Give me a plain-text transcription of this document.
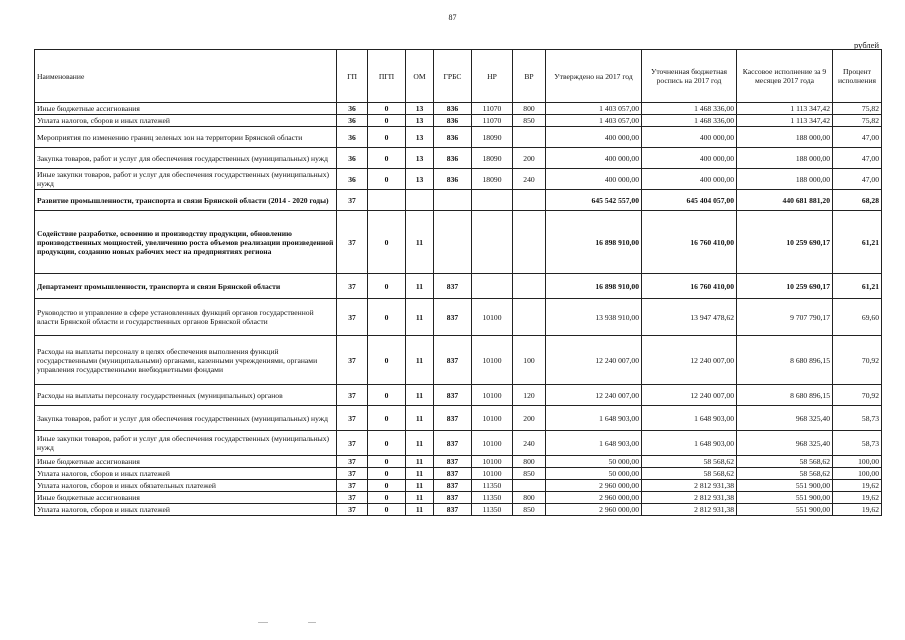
87
рублей
Наименование	ГП	ПГП	ОМ	ГРБС	НР	ВР	Утверждено на 2017 год	Уточненная бюджетная роспись на 2017 год	Кассовое исполнение за 9 месяцев 2017 года	Процент исполнения
Иные бюджетные ассигнования	36	0	13	836	11070	800	1 403 057,00	1 468 336,00	1 113 347,42	75,82
Уплата налогов, сборов и иных платежей	36	0	13	836	11070	850	1 403 057,00	1 468 336,00	1 113 347,42	75,82
Мероприятия по изменению границ зеленых зон на территории Брянской области	36	0	13	836	18090		400 000,00	400 000,00	188 000,00	47,00
Закупка товаров, работ и услуг для обеспечения государственных (муниципальных) нужд	36	0	13	836	18090	200	400 000,00	400 000,00	188 000,00	47,00
Иные закупки товаров, работ и услуг для обеспечения государственных (муниципальных) нужд	36	0	13	836	18090	240	400 000,00	400 000,00	188 000,00	47,00
Развитие промышленности, транспорта и связи Брянской области (2014 - 2020 годы)	37						645 542 557,00	645 404 057,00	440 681 881,20	68,28
Содействие разработке, освоению и производству продукции, обновлению производственных мощностей, увеличению роста объемов реализации произведенной продукции, созданию новых рабочих мест на предприятиях региона	37	0	11				16 898 910,00	16 760 410,00	10 259 690,17	61,21
Департамент промышленности, транспорта и связи Брянской области	37	0	11	837			16 898 910,00	16 760 410,00	10 259 690,17	61,21
Руководство и управление в сфере установленных функций органов государственной власти Брянской области и государственных органов Брянской области	37	0	11	837	10100		13 938 910,00	13 947 478,62	9 707 790,17	69,60
Расходы на выплаты персоналу в целях обеспечения выполнения функций государственными (муниципальными) органами, казенными учреждениями, органами управления государственными внебюджетными фондами	37	0	11	837	10100	100	12 240 007,00	12 240 007,00	8 680 896,15	70,92
Расходы на выплаты персоналу государственных (муниципальных) органов	37	0	11	837	10100	120	12 240 007,00	12 240 007,00	8 680 896,15	70,92
Закупка товаров, работ и услуг для обеспечения государственных (муниципальных) нужд	37	0	11	837	10100	200	1 648 903,00	1 648 903,00	968 325,40	58,73
Иные закупки товаров, работ и услуг для обеспечения государственных (муниципальных) нужд	37	0	11	837	10100	240	1 648 903,00	1 648 903,00	968 325,40	58,73
Иные бюджетные ассигнования	37	0	11	837	10100	800	50 000,00	58 568,62	58 568,62	100,00
Уплата налогов, сборов и иных платежей	37	0	11	837	10100	850	50 000,00	58 568,62	58 568,62	100,00
Уплата налогов, сборов и иных обязательных платежей	37	0	11	837	11350		2 960 000,00	2 812 931,38	551 900,00	19,62
Иные бюджетные ассигнования	37	0	11	837	11350	800	2 960 000,00	2 812 931,38	551 900,00	19,62
Уплата налогов, сборов и иных платежей	37	0	11	837	11350	850	2 960 000,00	2 812 931,38	551 900,00	19,62
